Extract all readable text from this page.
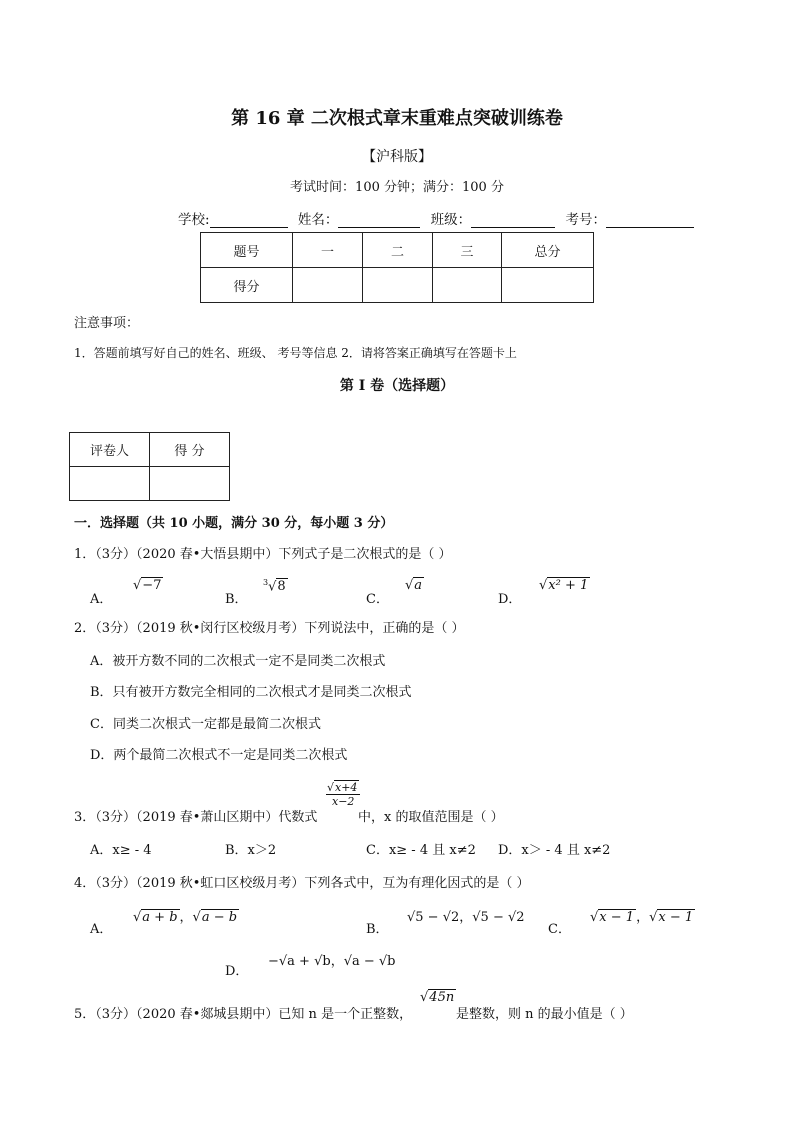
第 16 章 二次根式章末重难点突破训练卷
【沪科版】
考试时间：100 分钟；满分：100 分
学校:	姓名：	班级：	考号：
题号	一	二	三	总分
得分				
注意事项：
1．答题前填写好自己的姓名、班级、 考号等信息 2．请将答案正确填写在答题卡上
第 I 卷（选择题）
评卷人	得 分

一．选择题（共 10 小题，满分 30 分，每小题 3 分）
1．（3分）（2020 春•大悟县期中）下列式子是二次根式的是（ ）
A．
√−7
B．
$^3$√8
C．
√a
D．
√x² + 1
2．（3分）（2019 秋•闵行区校级月考）下列说法中，正确的是（ ）
A．被开方数不同的二次根式一定不是同类二次根式
B．只有被开方数完全相同的二次根式才是同类二次根式
C．同类二次根式一定都是最简二次根式
D．两个最简二次根式不一定是同类二次根式
3．（3分）（2019 春•萧山区期中）代数式
$\frac{√x+4}{x-2}$
中，x 的取值范围是（ ）
A．x≥ - 4	B．x＞2	C．x≥ - 4 且 x≠2 D．x＞ - 4 且 x≠2
4．（3分）（2019 秋•虹口区校级月考）下列各式中，互为有理化因式的是（ ）
A．
√a + b ，√a − b
B．
√5 − √2，√5 − √2
C．
√x − 1 ，√x − 1
D．
−√a + √b，√a − √b
5．（3分）（2020 春•郯城县期中）已知 n 是一个正整数，
√45n
是整数，则 n 的最小值是（ ）
